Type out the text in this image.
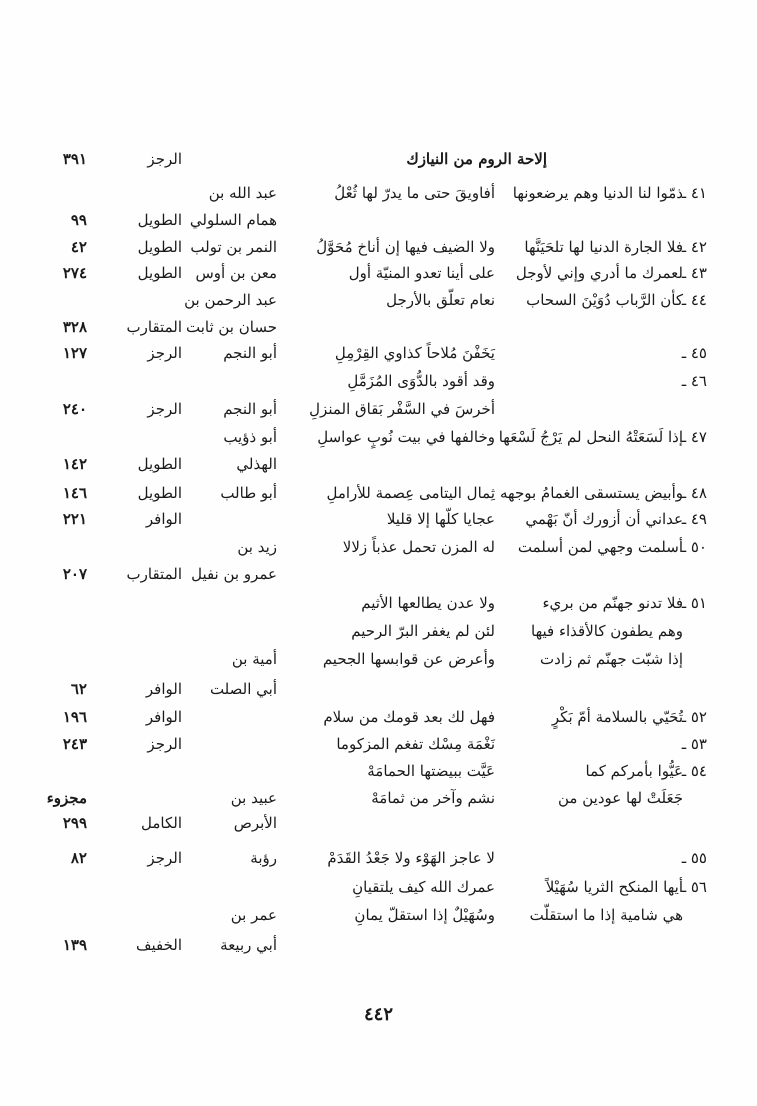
إلاحة الروم من النيازك
الرجز
٣٩١
٤١ ـ
ذمّوا لنا الدنيا وهم يرضعونها
أفاويقَ حتى ما يدرّ لها ثُعْلُ
عبد الله بن
همام السلولي
الطويل
٩٩
٤٢ ـ
فلا الجارة الدنيا لها تلحَيَنَّها
ولا الضيف فيها إن أناخ مُحَوَّلُ
النمر بن تولب
الطويل
٤٢
٤٣ ـ
لعمرك ما أدري وإني لأوجل
على أينا تعدو المنيّة أول
معن بن أوس
الطويل
٢٧٤
٤٤ ـ
كأن الرَّباب دُوَيْنَ السحاب
نعام تعلّق بالأرجل
عبد الرحمن بن
حسان بن ثابت
المتقارب
٣٢٨
٤٥ ـ
يَخَفْنَ مُلاحاً كذاوي القِرْمِلِ
أبو النجم
الرجز
١٢٧
٤٦ ـ
وقد أقود بالدُّوَى المُزَمَّلِ
أخرسَ في السَّفْر بَقاق المنزلِ
أبو النجم
الرجز
٢٤٠
٤٧ ـ
إذا لَسَعَتْهُ النحل لم يَرْجُ لَسْعَها
وخالفها في بيت نُوبٍ عواسلِ
أبو ذؤيب
الهذلي
الطويل
١٤٢
٤٨ ـ
وأبيض يستسقى الغمامُ بوجهه
ثِمال اليتامى عِصمة للأراملِ
أبو طالب
الطويل
١٤٦
٤٩ ـ
عداني أن أزورك أنّ بَهْمي
عجايا كلّها إلا قليلا
الوافر
٢٢١
٥٠ ـ
أسلمت وجهي لمن أسلمت
له المزن تحمل عذباً زلالا
زيد بن
عمرو بن نفيل
المتقارب
٢٠٧
٥١ ـ
فلا تدنو جهنّم من بريء
ولا عدن يطالعها الأثيم
وهم يطفون كالأقذاء فيها
لئن لم يغفر البرّ الرحيم
إذا شبّت جهنّم ثم زادت
وأعرض عن قوابسها الجحيم
أمية بن
أبي الصلت
الوافر
٦٢
٥٢ ـ
تُحَيّي بالسلامة أمّ بَكْرٍ
فهل لك بعد قومك من سلام
الوافر
١٩٦
٥٣ ـ
نَغْمَة مِسْك تفغم المزكوما
الرجز
٢٤٣
٥٤ ـ
عَيُّوا بأمركم كما
عَيَّت ببيضتها الحمامَهْ
جَعَلَتْ لها عودين من
نشم وآخر من ثمامَهْ
عبيد بن
مجزوء
الأبرص
الكامل
٢٩٩
٥٥ ـ
لا عاجز الهَوْء ولا جَعْدُ القَدَمْ
رؤبة
الرجز
٨٢
٥٦ ـ
أيها المنكح الثريا سُهَيْلاً
عمرك الله كيف يلتقيانِ
هي شامية إذا ما استقلّت
وسُهَيْلٌ إذا استقلّ يمانِ
عمر بن
أبي ربيعة
الخفيف
١٣٩
٤٤٢
